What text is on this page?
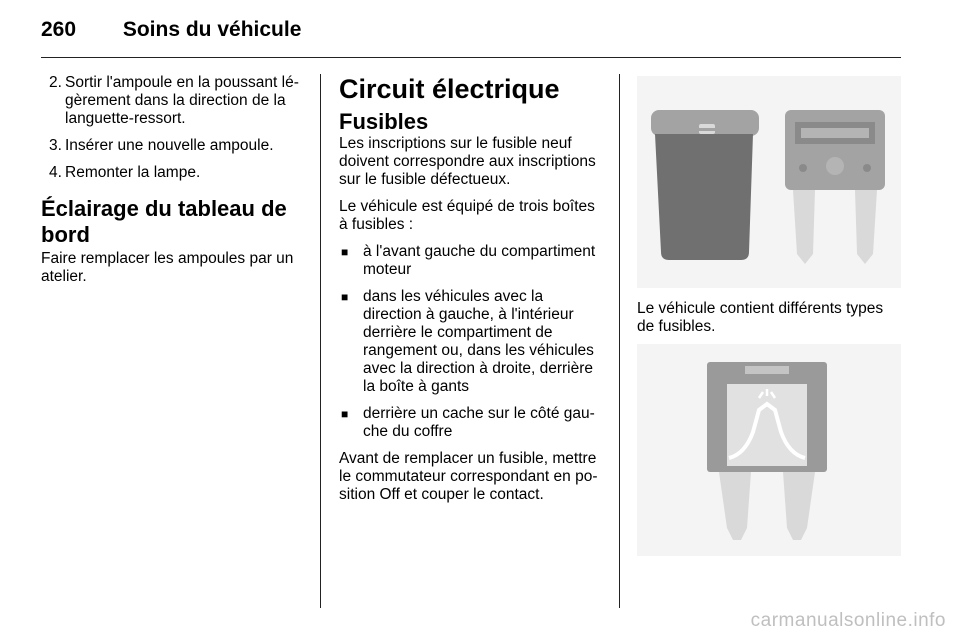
260 Soins du véhicule
2. Sortir l'ampoule en la poussant légèrement dans la direction de la languette-ressort.
3. Insérer une nouvelle ampoule.
4. Remonter la lampe.
Éclairage du tableau de bord

Faire remplacer les ampoules par un atelier.

Circuit électrique
Fusibles

Les inscriptions sur le fusible neuf doivent correspondre aux inscriptions sur le fusible défectueux.

Le véhicule est équipé de trois boîtes à fusibles :

■ à l'avant gauche du compartiment moteur
■ dans les véhicules avec la direction à gauche, à l'intérieur derrière le compartiment de rangement ou, dans les véhicules avec la direction à droite, derrière la boîte à gants
■ derrière un cache sur le côté gauche du coffre

Avant de remplacer un fusible, mettre le commutateur correspondant en position Off et couper le contact.

Le véhicule contient différents types de fusibles.

carmanualsonline.info
